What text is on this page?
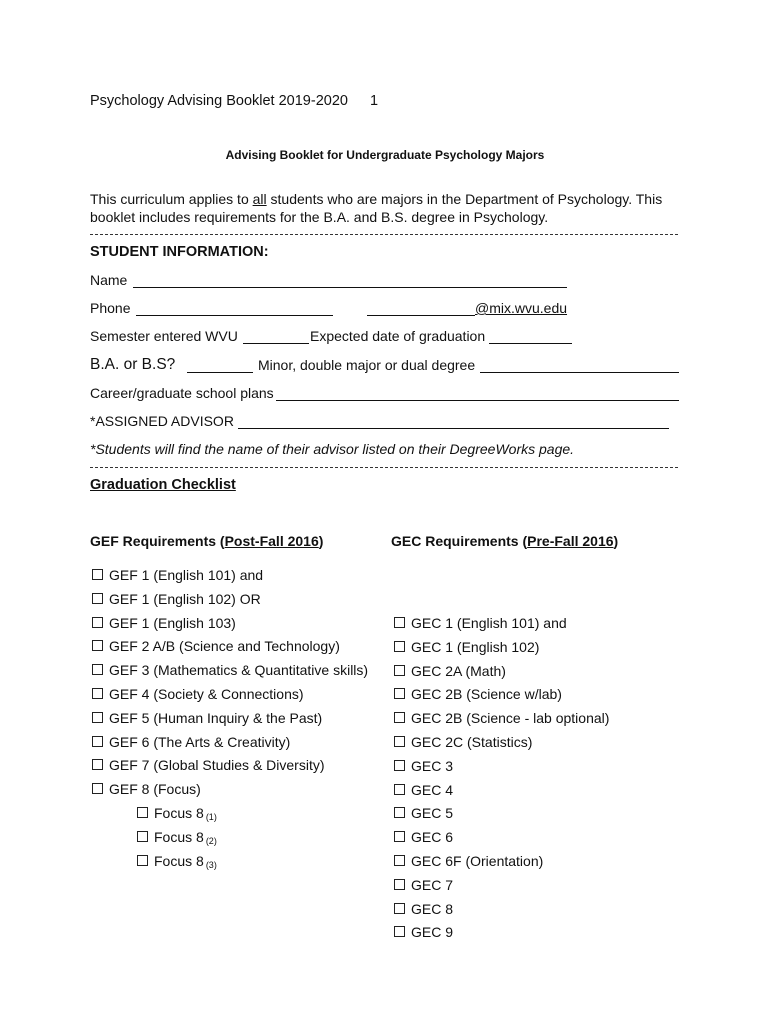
Psychology Advising Booklet 2019-2020 1
Advising Booklet for Undergraduate Psychology Majors
This curriculum applies to all students who are majors in the Department of Psychology. This booklet includes requirements for the B.A. and B.S. degree in Psychology.
STUDENT INFORMATION:
Name
Phone	@mix.wvu.edu
Semester entered WVU	Expected date of graduation
B.A. or B.S?	Minor, double major or dual degree
Career/graduate school plans
*ASSIGNED ADVISOR
*Students will find the name of their advisor listed on their DegreeWorks page.
Graduation Checklist
GEF Requirements (Post-Fall 2016)	GEC Requirements (Pre-Fall 2016)
GEF 1 (English 101) and
GEF 1 (English 102) OR
GEF 1 (English 103)
GEF 2 A/B (Science and Technology)
GEF 3 (Mathematics & Quantitative skills)
GEF 4 (Society & Connections)
GEF 5 (Human Inquiry & the Past)
GEF 6 (The Arts & Creativity)
GEF 7 (Global Studies & Diversity)
GEF 8 (Focus)
Focus 8 $_{(1)}$
Focus 8 $_{(2)}$
Focus 8 $_{(3)}$
GEC 1 (English 101) and
GEC 1 (English 102)
GEC 2A (Math)
GEC 2B (Science w/lab)
GEC 2B (Science - lab optional)
GEC 2C (Statistics)
GEC 3
GEC 4
GEC 5
GEC 6
GEC 6F (Orientation)
GEC 7
GEC 8
GEC 9
